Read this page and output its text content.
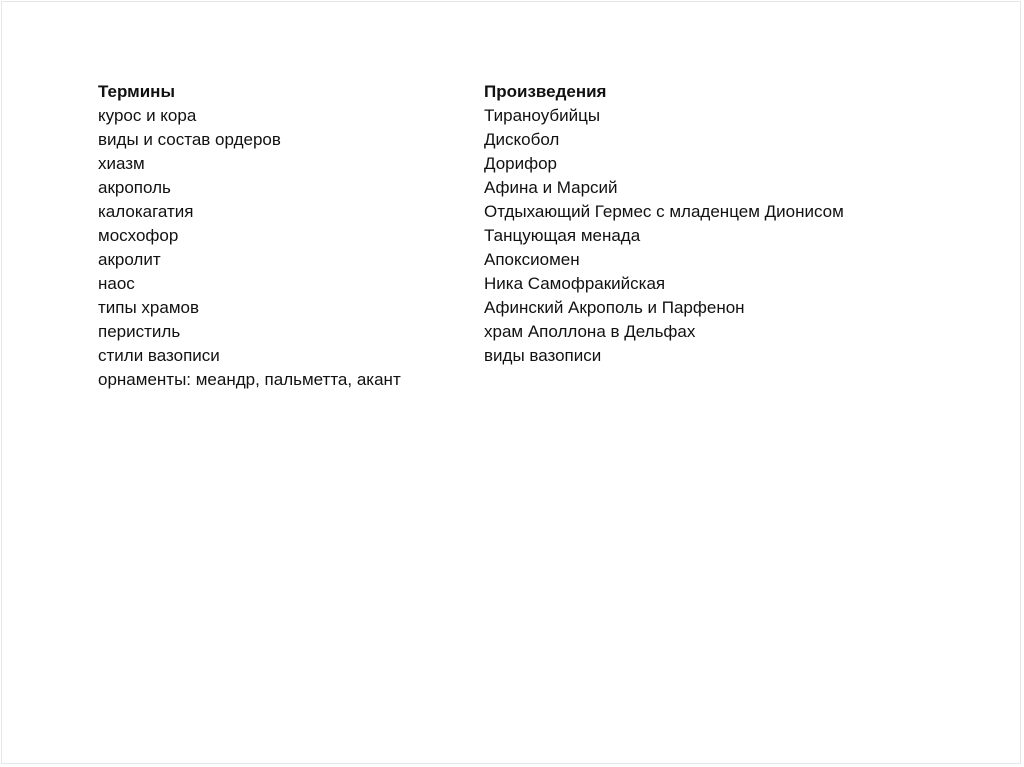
Термины
курос и кора
виды и состав ордеров
хиазм
акрополь
калокагатия
мосхофор
акролит
наос
типы храмов
перистиль
стили вазописи
орнаменты: меандр, пальметта, акант
Произведения
Тираноубийцы
Дискобол
Дорифор
Афина и Марсий
Отдыхающий Гермес с младенцем Дионисом
Танцующая менада
Апоксиомен
Ника Самофракийская
Афинский Акрополь и Парфенон
храм Аполлона в Дельфах
виды вазописи
